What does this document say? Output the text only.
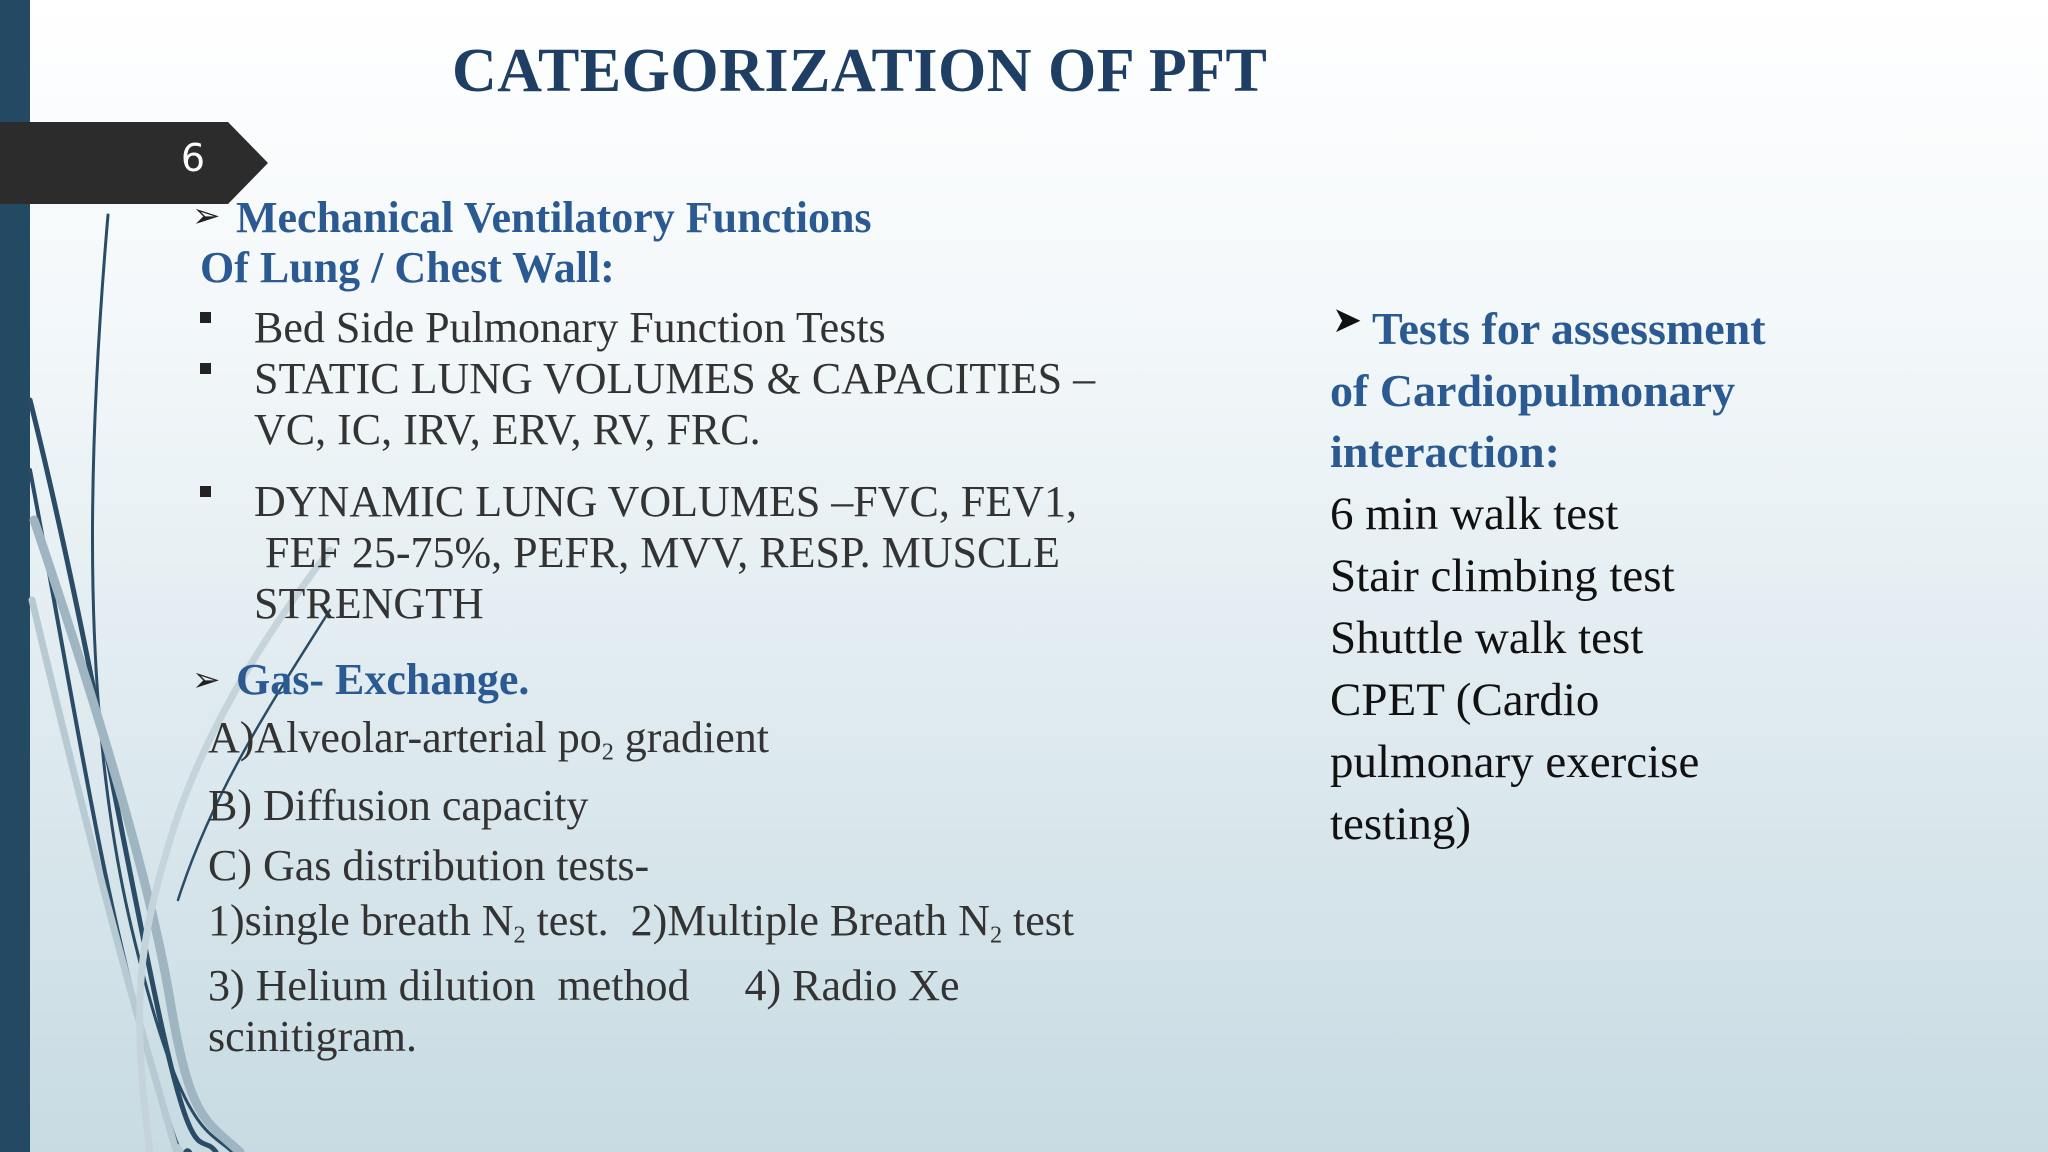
6
CATEGORIZATION OF PFT
➢ Mechanical Ventilatory Functions
Of Lung / Chest Wall:
Bed Side Pulmonary Function Tests
STATIC LUNG VOLUMES & CAPACITIES –
VC, IC, IRV, ERV, RV, FRC.
DYNAMIC LUNG VOLUMES –FVC, FEV1,
FEF 25-75%, PEFR, MVV, RESP. MUSCLE
STRENGTH
➢ Gas- Exchange.
A)Alveolar-arterial $po_2$ gradient
B) Diffusion capacity
C) Gas distribution tests-
1)single breath $N_2$ test.  2)Multiple Breath $N_2$ test
3) Helium dilution  method     4) Radio Xe
scinitigram.
➤ Tests for assessment
of Cardiopulmonary
interaction:
6 min walk test
Stair climbing test
Shuttle walk test
CPET (Cardio
pulmonary exercise
testing)
